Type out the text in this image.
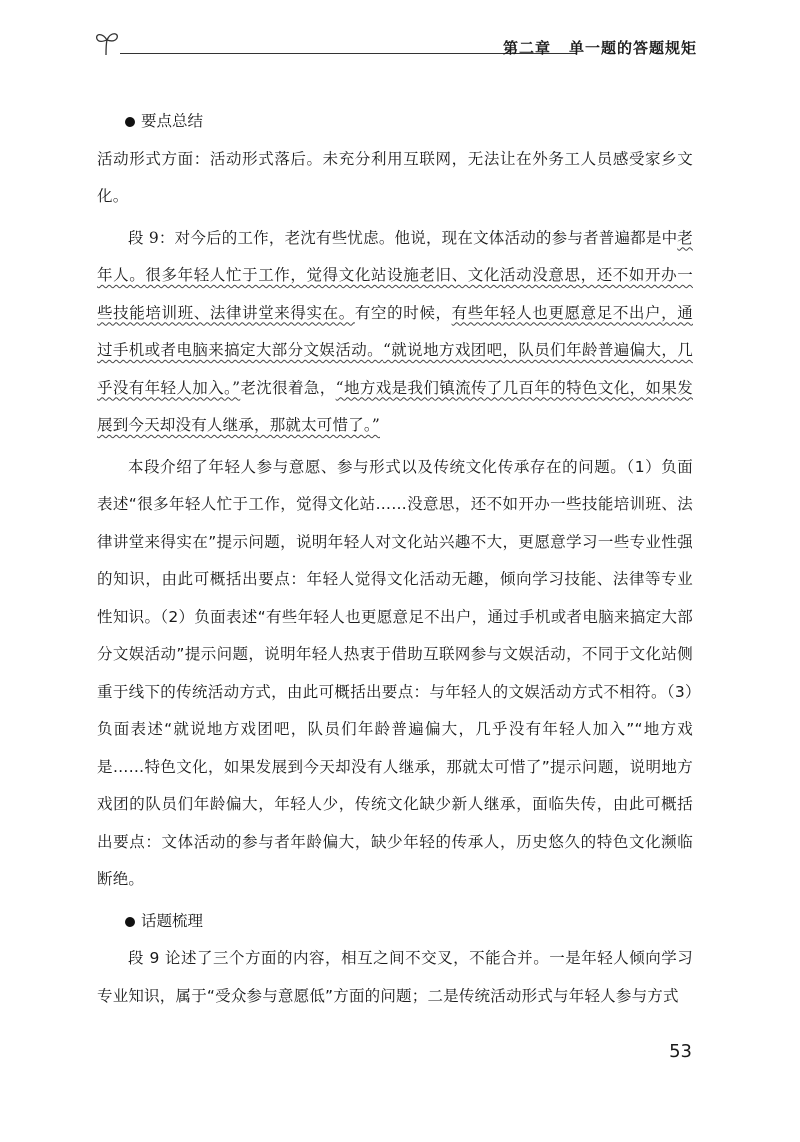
第二章 单一题的答题规矩

要点总结

活动形式方面：活动形式落后。未充分利用互联网，无法让在外务工人员感受家乡文化。

段 9：对今后的工作，老沈有些忧虑。他说，现在文体活动的参与者普遍都是中老年人。很多年轻人忙于工作，觉得文化站设施老旧、文化活动没意思，还不如开办一些技能培训班、法律讲堂来得实在。有空的时候，有些年轻人也更愿意足不出户，通过手机或者电脑来搞定大部分文娱活动。“就说地方戏团吧，队员们年龄普遍偏大，几乎没有年轻人加入。”老沈很着急，“地方戏是我们镇流传了几百年的特色文化，如果发展到今天却没有人继承，那就太可惜了。”

本段介绍了年轻人参与意愿、参与形式以及传统文化传承存在的问题。（1）负面表述“很多年轻人忙于工作，觉得文化站……没意思，还不如开办一些技能培训班、法律讲堂来得实在”提示问题，说明年轻人对文化站兴趣不大，更愿意学习一些专业性强的知识，由此可概括出要点：年轻人觉得文化活动无趣，倾向学习技能、法律等专业性知识。（2）负面表述“有些年轻人也更愿意足不出户，通过手机或者电脑来搞定大部分文娱活动”提示问题，说明年轻人热衷于借助互联网参与文娱活动，不同于文化站侧重于线下的传统活动方式，由此可概括出要点：与年轻人的文娱活动方式不相符。（3）负面表述“就说地方戏团吧，队员们年龄普遍偏大，几乎没有年轻人加入”“地方戏是……特色文化，如果发展到今天却没有人继承，那就太可惜了”提示问题，说明地方戏团的队员们年龄偏大，年轻人少，传统文化缺少新人继承，面临失传，由此可概括出要点：文体活动的参与者年龄偏大，缺少年轻的传承人，历史悠久的特色文化濒临断绝。

话题梳理

段 9 论述了三个方面的内容，相互之间不交叉，不能合并。一是年轻人倾向学习专业知识，属于“受众参与意愿低”方面的问题；二是传统活动形式与年轻人参与方式

53
